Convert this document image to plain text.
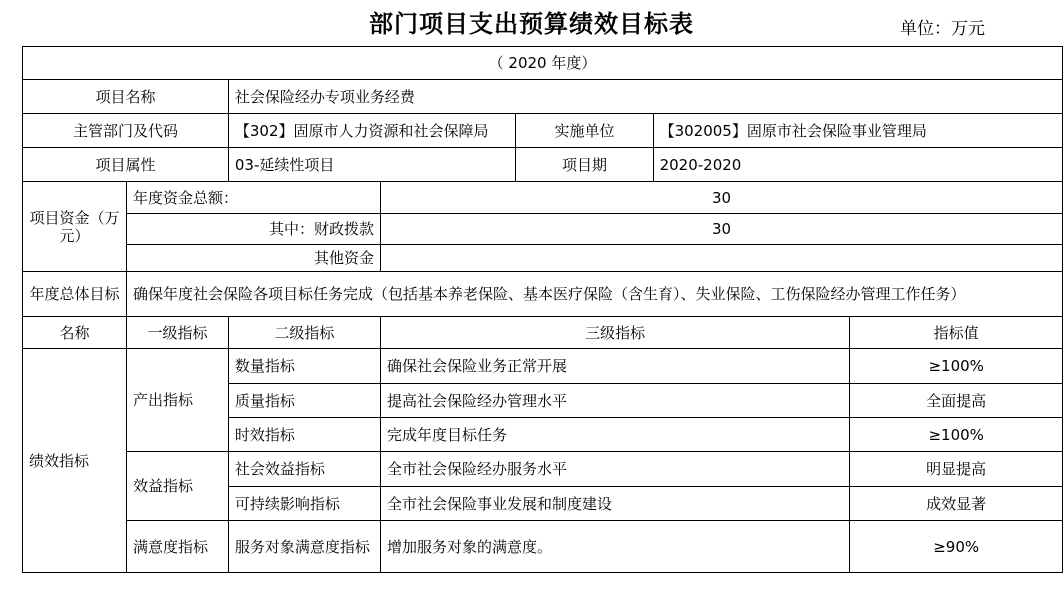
部门项目支出预算绩效目标表	单位：万元
（ 2020 年度）						
项目名称		社会保险经办专项业务经费				
主管部门及代码		【302】固原市人力资源和社会保障局		实施单位	【302005】固原市社会保险事业管理局	
项目属性		03-延续性项目		项目期	2020-2020	
项目资金（万元）	年度资金总额：		30			
	其中：财政拨款		30			
	其他资金					
年度总体目标	确保年度社会保险各项目标任务完成（包括基本养老保险、基本医疗保险（含生育）、失业保险、工伤保险经办管理工作任务）					
名称	一级指标	二级指标	三级指标			指标值
绩效指标	产出指标	数量指标	确保社会保险业务正常开展			≥100%
		质量指标	提高社会保险经办管理水平			全面提高
		时效指标	完成年度目标任务			≥100%
	效益指标	社会效益指标	全市社会保险经办服务水平			明显提高
		可持续影响指标	全市社会保险事业发展和制度建设			成效显著
	满意度指标	服务对象满意度指标	增加服务对象的满意度。			≥90%
